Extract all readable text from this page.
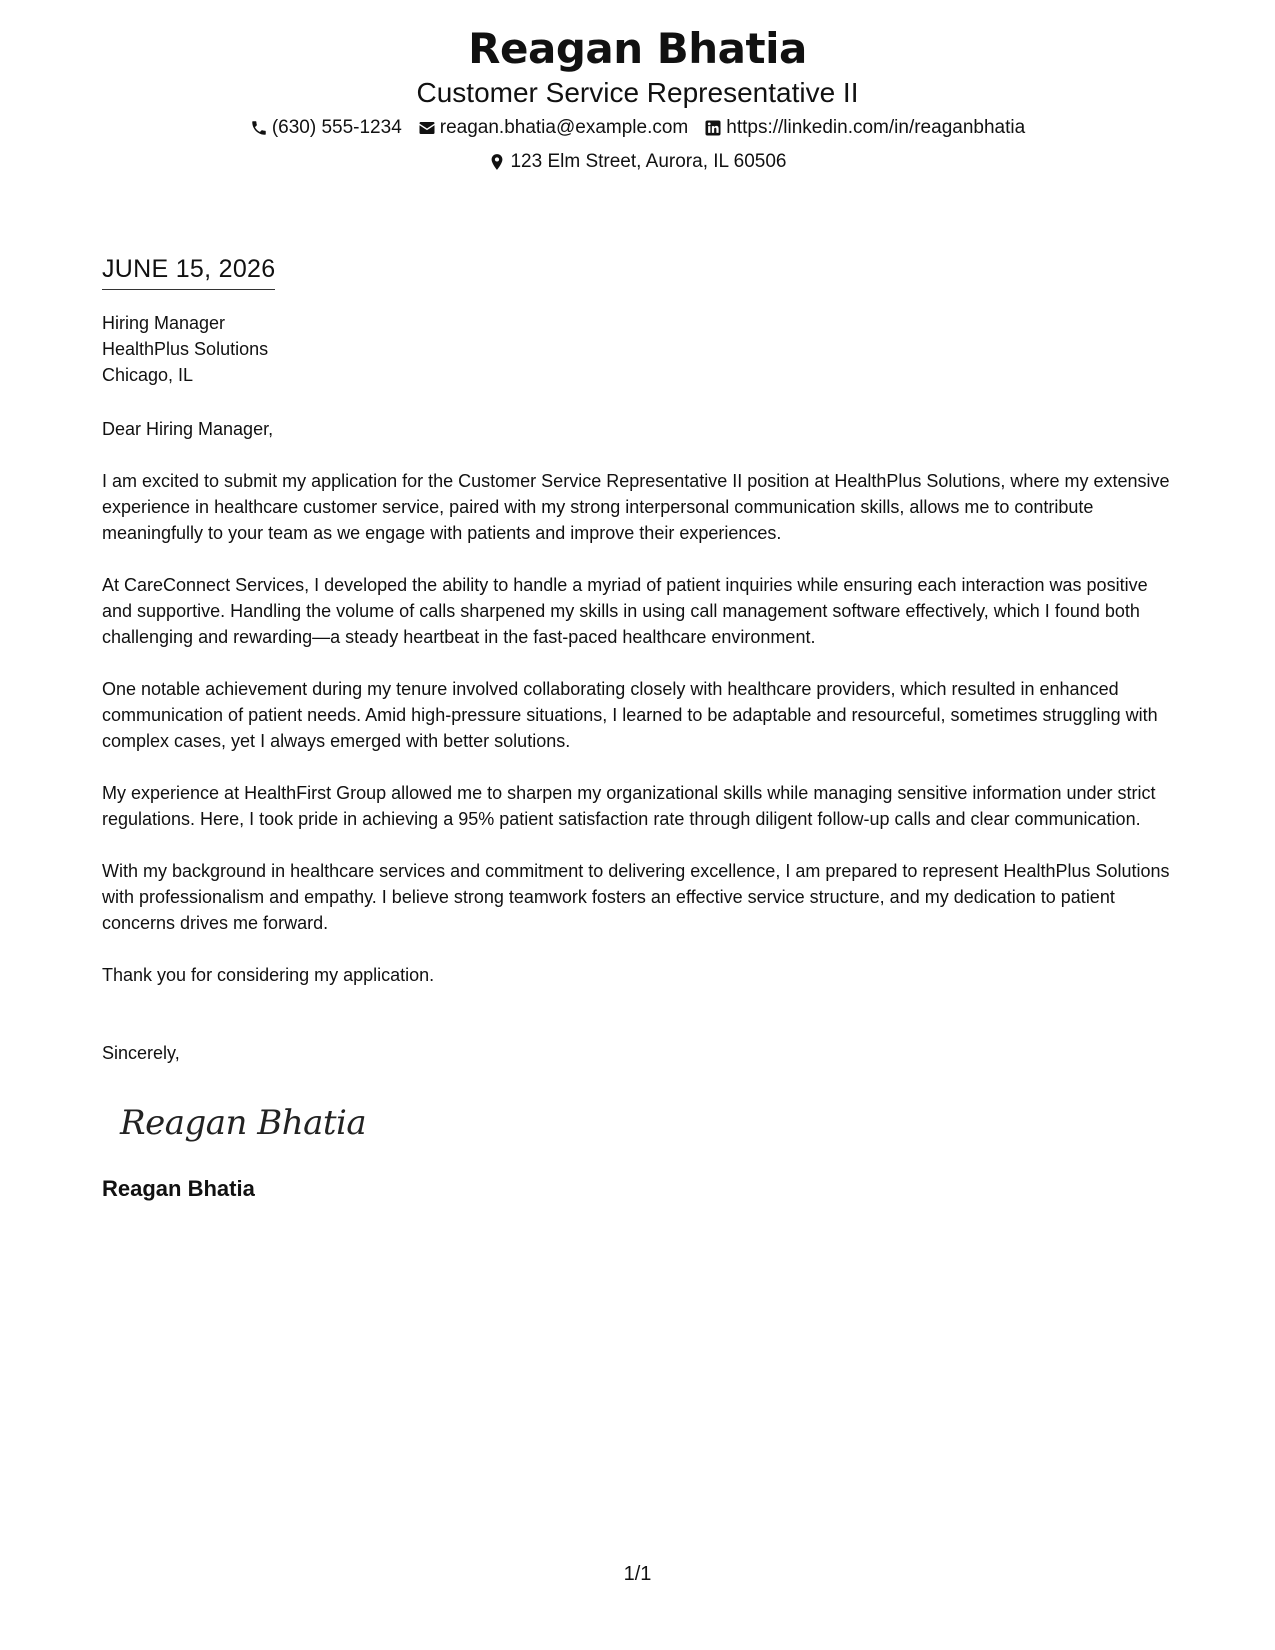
Reagan Bhatia
Customer Service Representative II
(630) 555-1234 reagan.bhatia@example.com https://linkedin.com/in/reaganbhatia
123 Elm Street, Aurora, IL 60506
JUNE 15, 2026
Hiring Manager
HealthPlus Solutions
Chicago, IL
Dear Hiring Manager,

I am excited to submit my application for the Customer Service Representative II position at HealthPlus Solutions, where my extensive experience in healthcare customer service, paired with my strong interpersonal communication skills, allows me to contribute meaningfully to your team as we engage with patients and improve their experiences.

At CareConnect Services, I developed the ability to handle a myriad of patient inquiries while ensuring each interaction was positive and supportive. Handling the volume of calls sharpened my skills in using call management software effectively, which I found both challenging and rewarding—a steady heartbeat in the fast-paced healthcare environment.

One notable achievement during my tenure involved collaborating closely with healthcare providers, which resulted in enhanced communication of patient needs. Amid high-pressure situations, I learned to be adaptable and resourceful, sometimes struggling with complex cases, yet I always emerged with better solutions.

My experience at HealthFirst Group allowed me to sharpen my organizational skills while managing sensitive information under strict regulations. Here, I took pride in achieving a 95% patient satisfaction rate through diligent follow-up calls and clear communication.

With my background in healthcare services and commitment to delivering excellence, I am prepared to represent HealthPlus Solutions with professionalism and empathy. I believe strong teamwork fosters an effective service structure, and my dedication to patient concerns drives me forward.

Thank you for considering my application.

Sincerely,
Reagan Bhatia
Reagan Bhatia
1/1
